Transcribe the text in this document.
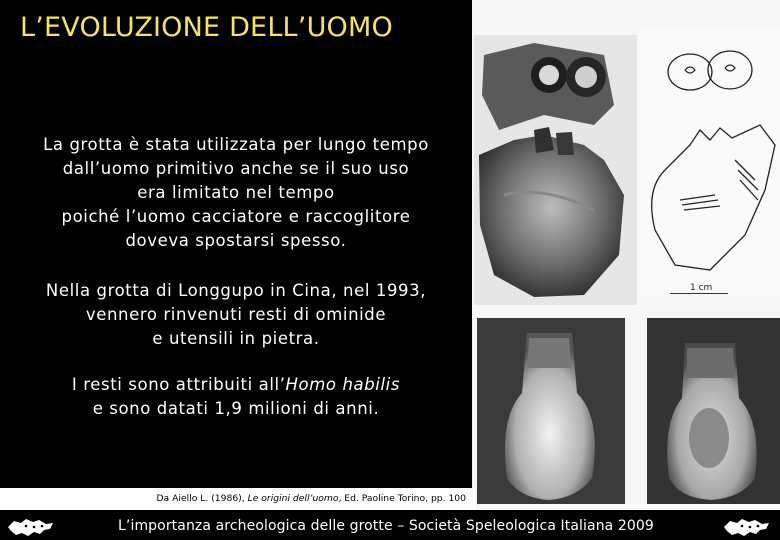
L’EVOLUZIONE DELL’UOMO
La grotta è stata utilizzata per lungo tempo
dall’uomo primitivo anche se il suo uso
era limitato nel tempo
poiché l’uomo cacciatore e raccoglitore
doveva spostarsi spesso.
Nella grotta di Longgupo in Cina, nel 1993,
vennero rinvenuti resti di ominide
e utensili in pietra.
I resti sono attribuiti all’Homo habilis
e sono datati 1,9 milioni di anni.
1 cm
Da Aiello L. (1986), Le origini dell’uomo, Ed. Paoline Torino, pp. 100
L’importanza archeologica delle grotte – Società Speleologica Italiana 2009
